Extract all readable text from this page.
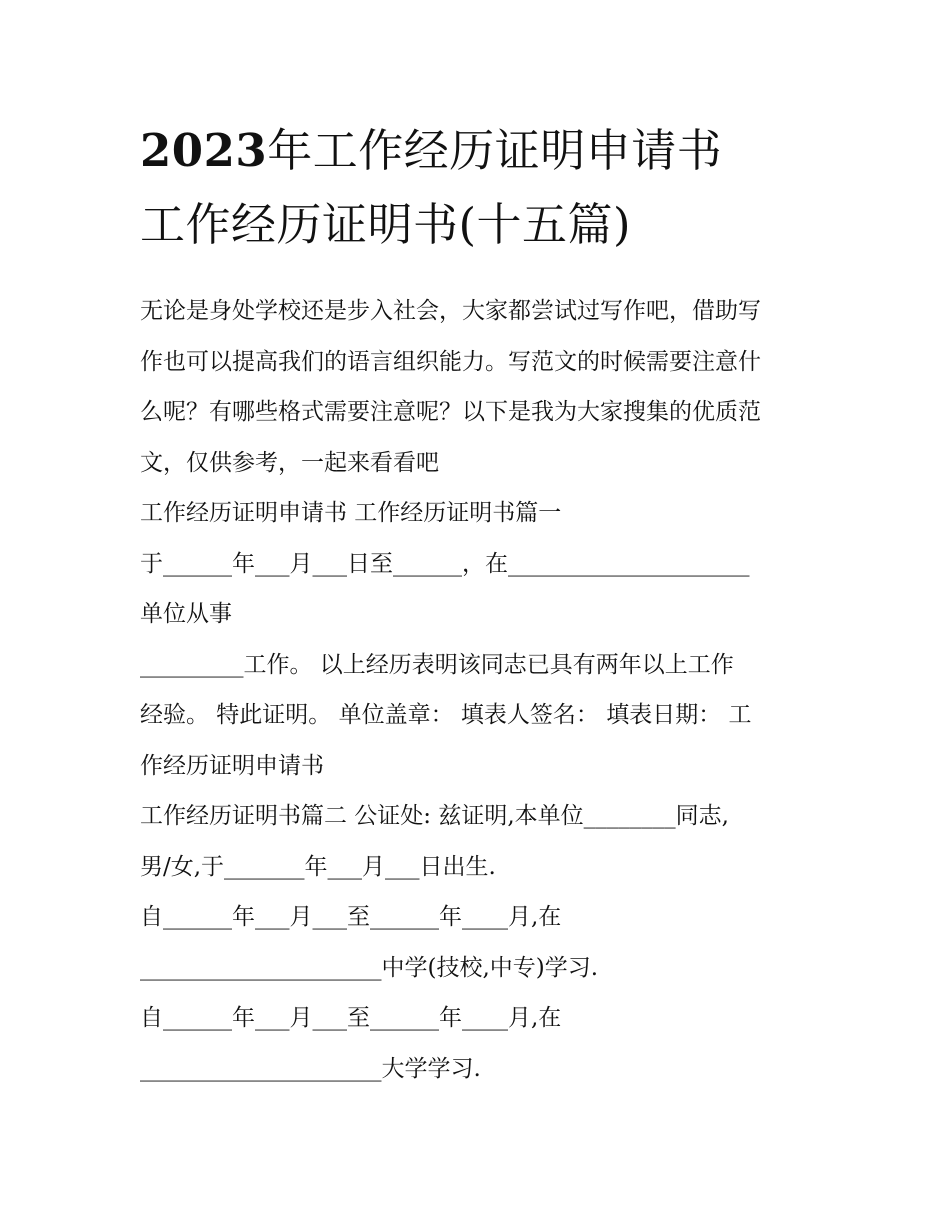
2023年工作经历证明申请书
工作经历证明书(十五篇)
无论是身处学校还是步入社会，大家都尝试过写作吧，借助写
作也可以提高我们的语言组织能力。写范文的时候需要注意什
么呢？有哪些格式需要注意呢？以下是我为大家搜集的优质范
文，仅供参考，一起来看看吧
工作经历证明申请书 工作经历证明书篇一
于______年___月___日至______，在_____________________
单位从事
_________工作。 以上经历表明该同志已具有两年以上工作
经验。 特此证明。 单位盖章： 填表人签名： 填表日期： 工
作经历证明申请书
工作经历证明书篇二 公证处: 兹证明,本单位________同志,
男/女,于_______年___月___日出生.
自______年___月___至______年____月,在
_____________________中学(技校,中专)学习.
自______年___月___至______年____月,在
_____________________大学学习.
